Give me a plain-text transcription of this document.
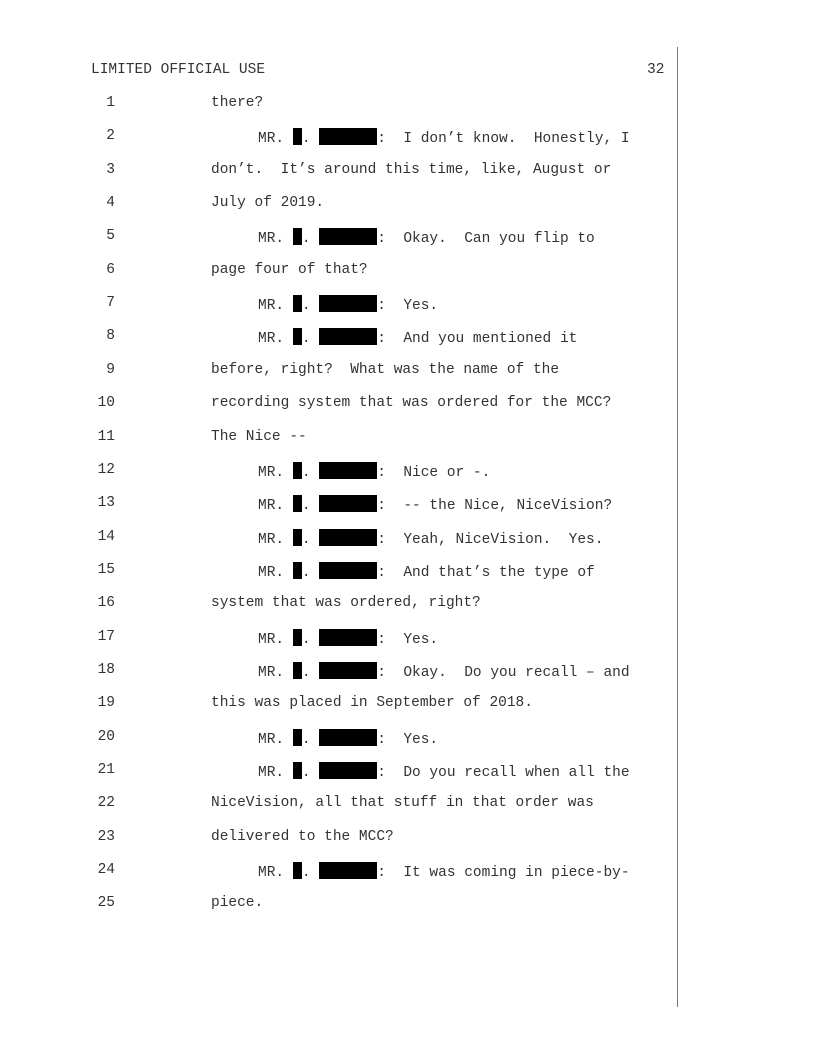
LIMITED OFFICIAL USE	32
1	there?
2	MR. .	:  I don’t know.  Honestly, I
3	don’t.  It’s around this time, like, August or
4	July of 2019.
5	MR. .	:  Okay.  Can you flip to
6	page four of that?
7	MR. .	:  Yes.
8	MR. .	:  And you mentioned it
9	before, right?  What was the name of the
10	recording system that was ordered for the MCC?
11	The Nice --
12	MR. .	:  Nice or -.
13	MR. .	:  -- the Nice, NiceVision?
14	MR. .	:  Yeah, NiceVision.  Yes.
15	MR. .	:  And that’s the type of
16	system that was ordered, right?
17	MR. .	:  Yes.
18	MR. .	:  Okay.  Do you recall – and
19	this was placed in September of 2018.
20	MR. .	:  Yes.
21	MR. .	:  Do you recall when all the
22	NiceVision, all that stuff in that order was
23	delivered to the MCC?
24	MR. .	:  It was coming in piece-by-
25	piece.
